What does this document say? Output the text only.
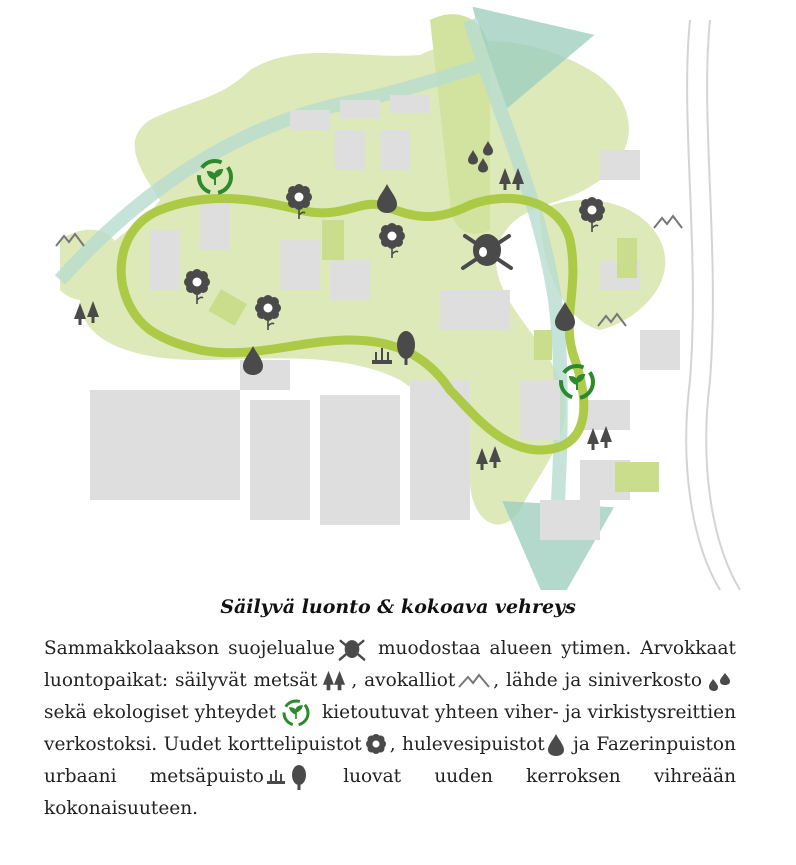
Säilyvä luonto & kokoava vehreys
Sammakkolaakson suojelualue muodostaa alueen ytimen. Arvokkaat luontopaikat: säilyvät metsät , avokalliot , lähde ja siniverkosto sekä ekologiset yhteydet kietoutuvat yhteen viher- ja virkistysreittien verkostoksi. Uudet korttelipuistot , hulevesipuistot ja Fazerinpuiston urbaani metsäpuisto	luovat uuden kerroksen vihreään kokonaisuuteen.
